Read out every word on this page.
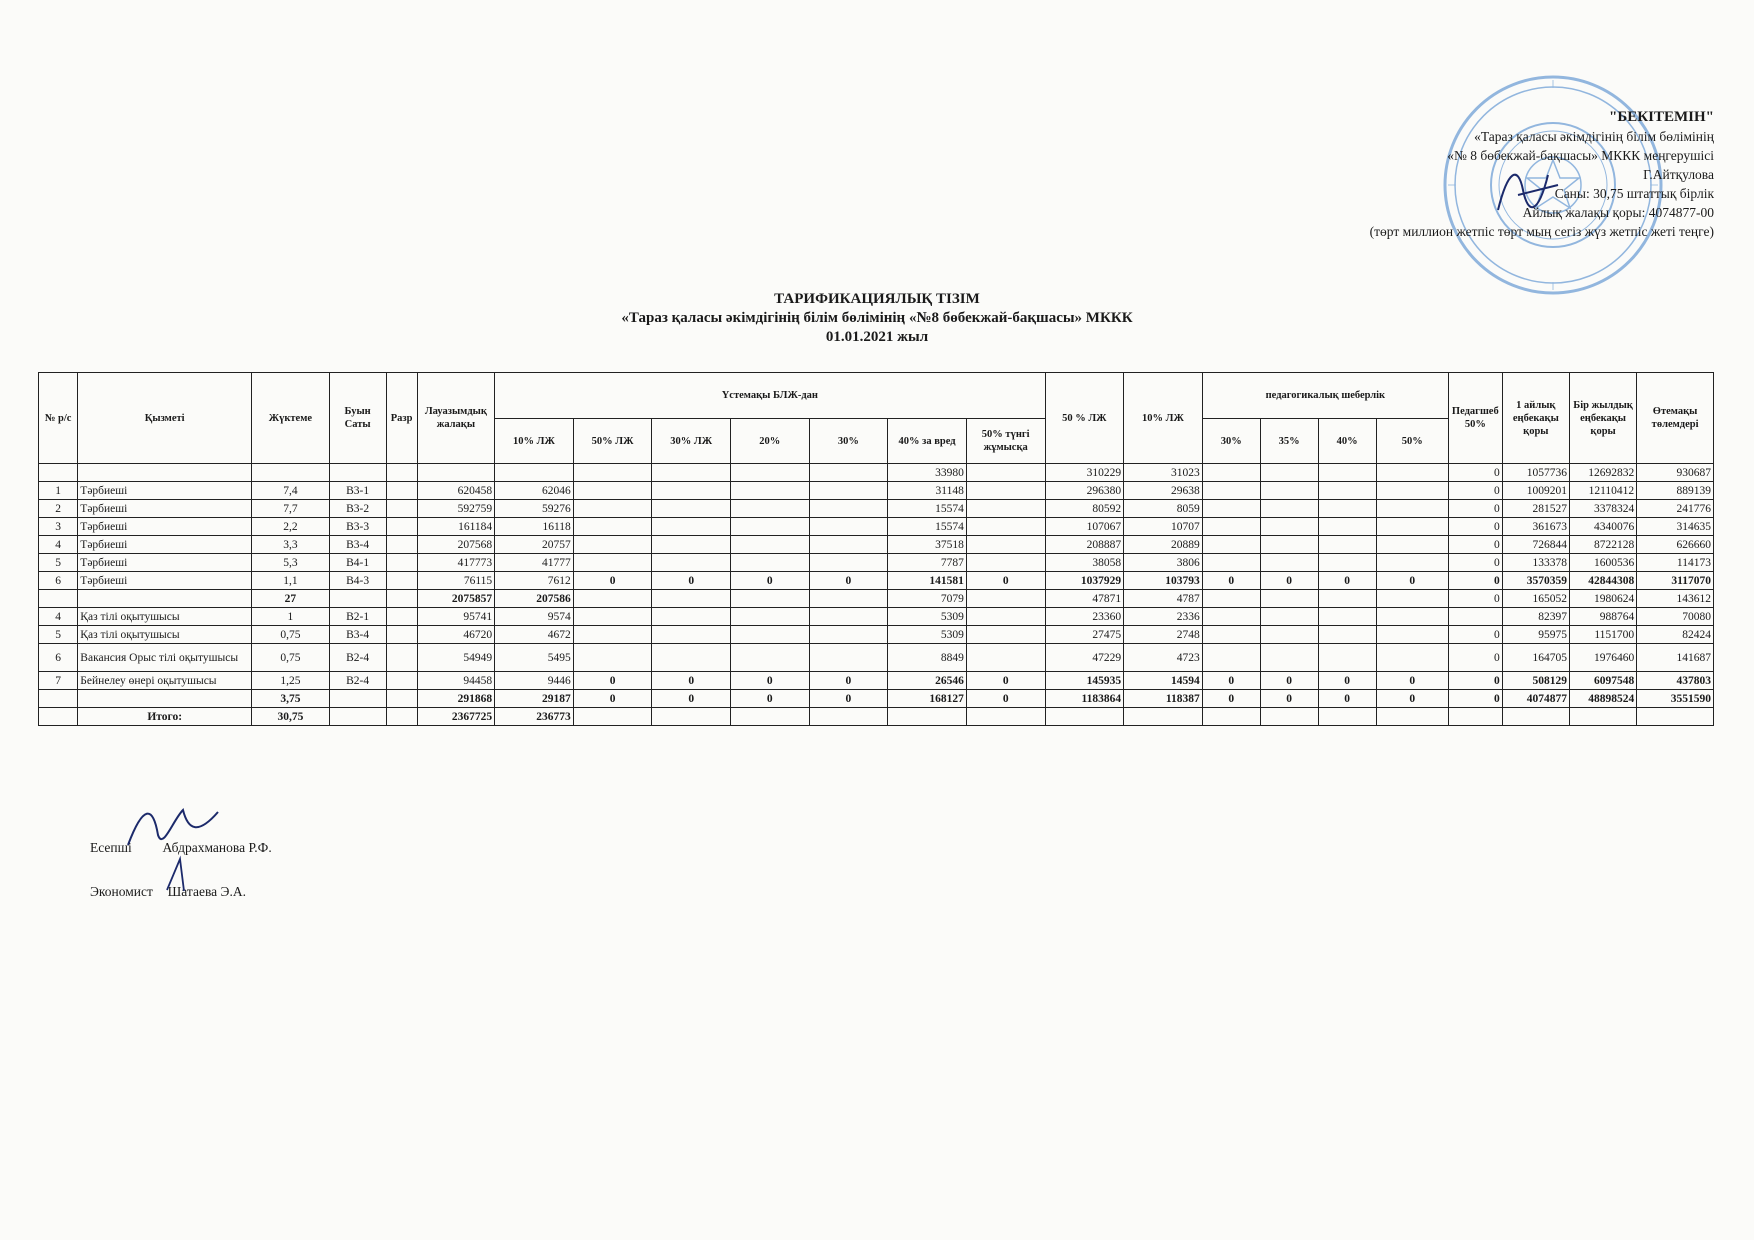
"БЕКІТЕМІН"
«Тараз қаласы әкімдігінің білім бөлімінің
«№ 8 бөбекжай-бақшасы» МККК меңгерушісі
Г.Айтқулова
Саны: 30,75 штаттық бірлік
Айлық жалақы қоры: 4074877-00
(төрт миллион жетпіс төрт мың сегіз жүз жетпіс жеті теңге)
ТАРИФИКАЦИЯЛЫҚ ТІЗІМ
«Тараз қаласы әкімдігінің білім бөлімінің «№8 бөбекжай-бақшасы» МККК
01.01.2021 жыл
№ р/с	Қызметі	Жүктеме	Буын Саты	Разр	Лауазымдық жалақы	Үстемақы БЛЖ-дан							50 % ЛЖ	10% ЛЖ	педагогикалық шеберлік				Педагшеб 50%	1 айлық еңбекақы қоры	Бір жылдық еңбекақы қоры	Өтемақы төлемдері
						10% ЛЖ	50% ЛЖ	30% ЛЖ	20%	30%	40% за вред	50% түнгі жұмысқа			30%	35%	40%	50%				
											33980		310229	31023					0	1057736	12692832	930687
1	Тәрбиеші	7,4	В3-1		620458	62046					31148		296380	29638					0	1009201	12110412	889139
2	Тәрбиеші	7,7	В3-2		592759	59276					15574		80592	8059					0	281527	3378324	241776
3	Тәрбиеші	2,2	В3-3		161184	16118					15574		107067	10707					0	361673	4340076	314635
4	Тәрбиеші	3,3	В3-4		207568	20757					37518		208887	20889					0	726844	8722128	626660
5	Тәрбиеші	5,3	В4-1		417773	41777					7787		38058	3806					0	133378	1600536	114173
6	Тәрбиеші	1,1	В4-3		76115	7612	0	0	0	0	141581	0	1037929	103793	0	0	0	0	0	3570359	42844308	3117070
		27			2075857	207586					7079		47871	4787					0	165052	1980624	143612
4	Қаз тілі оқытушысы	1	В2-1		95741	9574					5309		23360	2336						82397	988764	70080
5	Қаз тілі оқытушысы	0,75	В3-4		46720	4672					5309		27475	2748					0	95975	1151700	82424
6	Вакансия Орыс тілі оқытушысы	0,75	В2-4		54949	5495					8849		47229	4723					0	164705	1976460	141687
7	Бейнелеу өнері оқытушысы	1,25	В2-4		94458	9446	0	0	0	0	26546	0	145935	14594	0	0	0	0	0	508129	6097548	437803
		3,75			291868	29187	0	0	0	0	168127	0	1183864	118387	0	0	0	0	0	4074877	48898524	3551590
	Итого:	30,75			2367725	236773																
Есепші Абдрахманова Р.Ф.
Экономист Шатаева Э.А.
